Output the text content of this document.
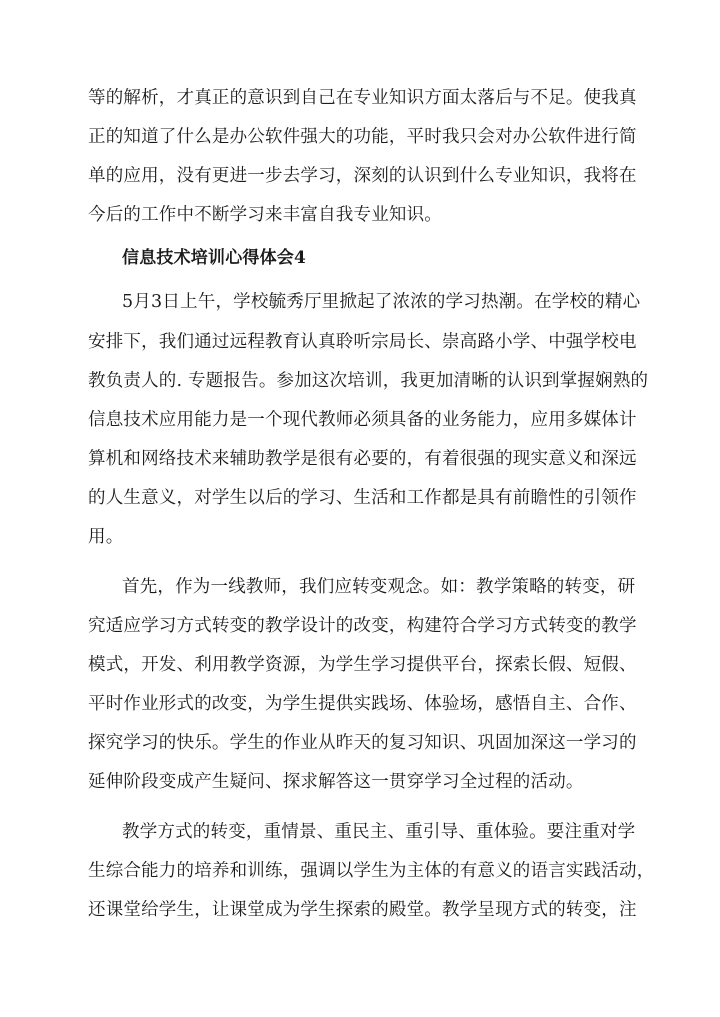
等的解析，才真正的意识到自己在专业知识方面太落后与不足。使我真
正的知道了什么是办公软件强大的功能，平时我只会对办公软件进行简
单的应用，没有更进一步去学习，深刻的认识到什么专业知识，我将在
今后的工作中不断学习来丰富自我专业知识。
信息技术培训心得体会4
5月3日上午，学校毓秀厅里掀起了浓浓的学习热潮。在学校的精心
安排下，我们通过远程教育认真聆听宗局长、崇高路小学、中强学校电
教负责人的. 专题报告。参加这次培训，我更加清晰的认识到掌握娴熟的
信息技术应用能力是一个现代教师必须具备的业务能力，应用多媒体计
算机和网络技术来辅助教学是很有必要的，有着很强的现实意义和深远
的人生意义，对学生以后的学习、生活和工作都是具有前瞻性的引领作
用。
首先，作为一线教师，我们应转变观念。如：教学策略的转变，研
究适应学习方式转变的教学设计的改变，构建符合学习方式转变的教学
模式，开发、利用教学资源，为学生学习提供平台，探索长假、短假、
平时作业形式的改变，为学生提供实践场、体验场，感悟自主、合作、
探究学习的快乐。学生的作业从昨天的复习知识、巩固加深这一学习的
延伸阶段变成产生疑问、探求解答这一贯穿学习全过程的活动。
教学方式的转变，重情景、重民主、重引导、重体验。要注重对学
生综合能力的培养和训练，强调以学生为主体的有意义的语言实践活动，
还课堂给学生，让课堂成为学生探索的殿堂。教学呈现方式的转变，注
